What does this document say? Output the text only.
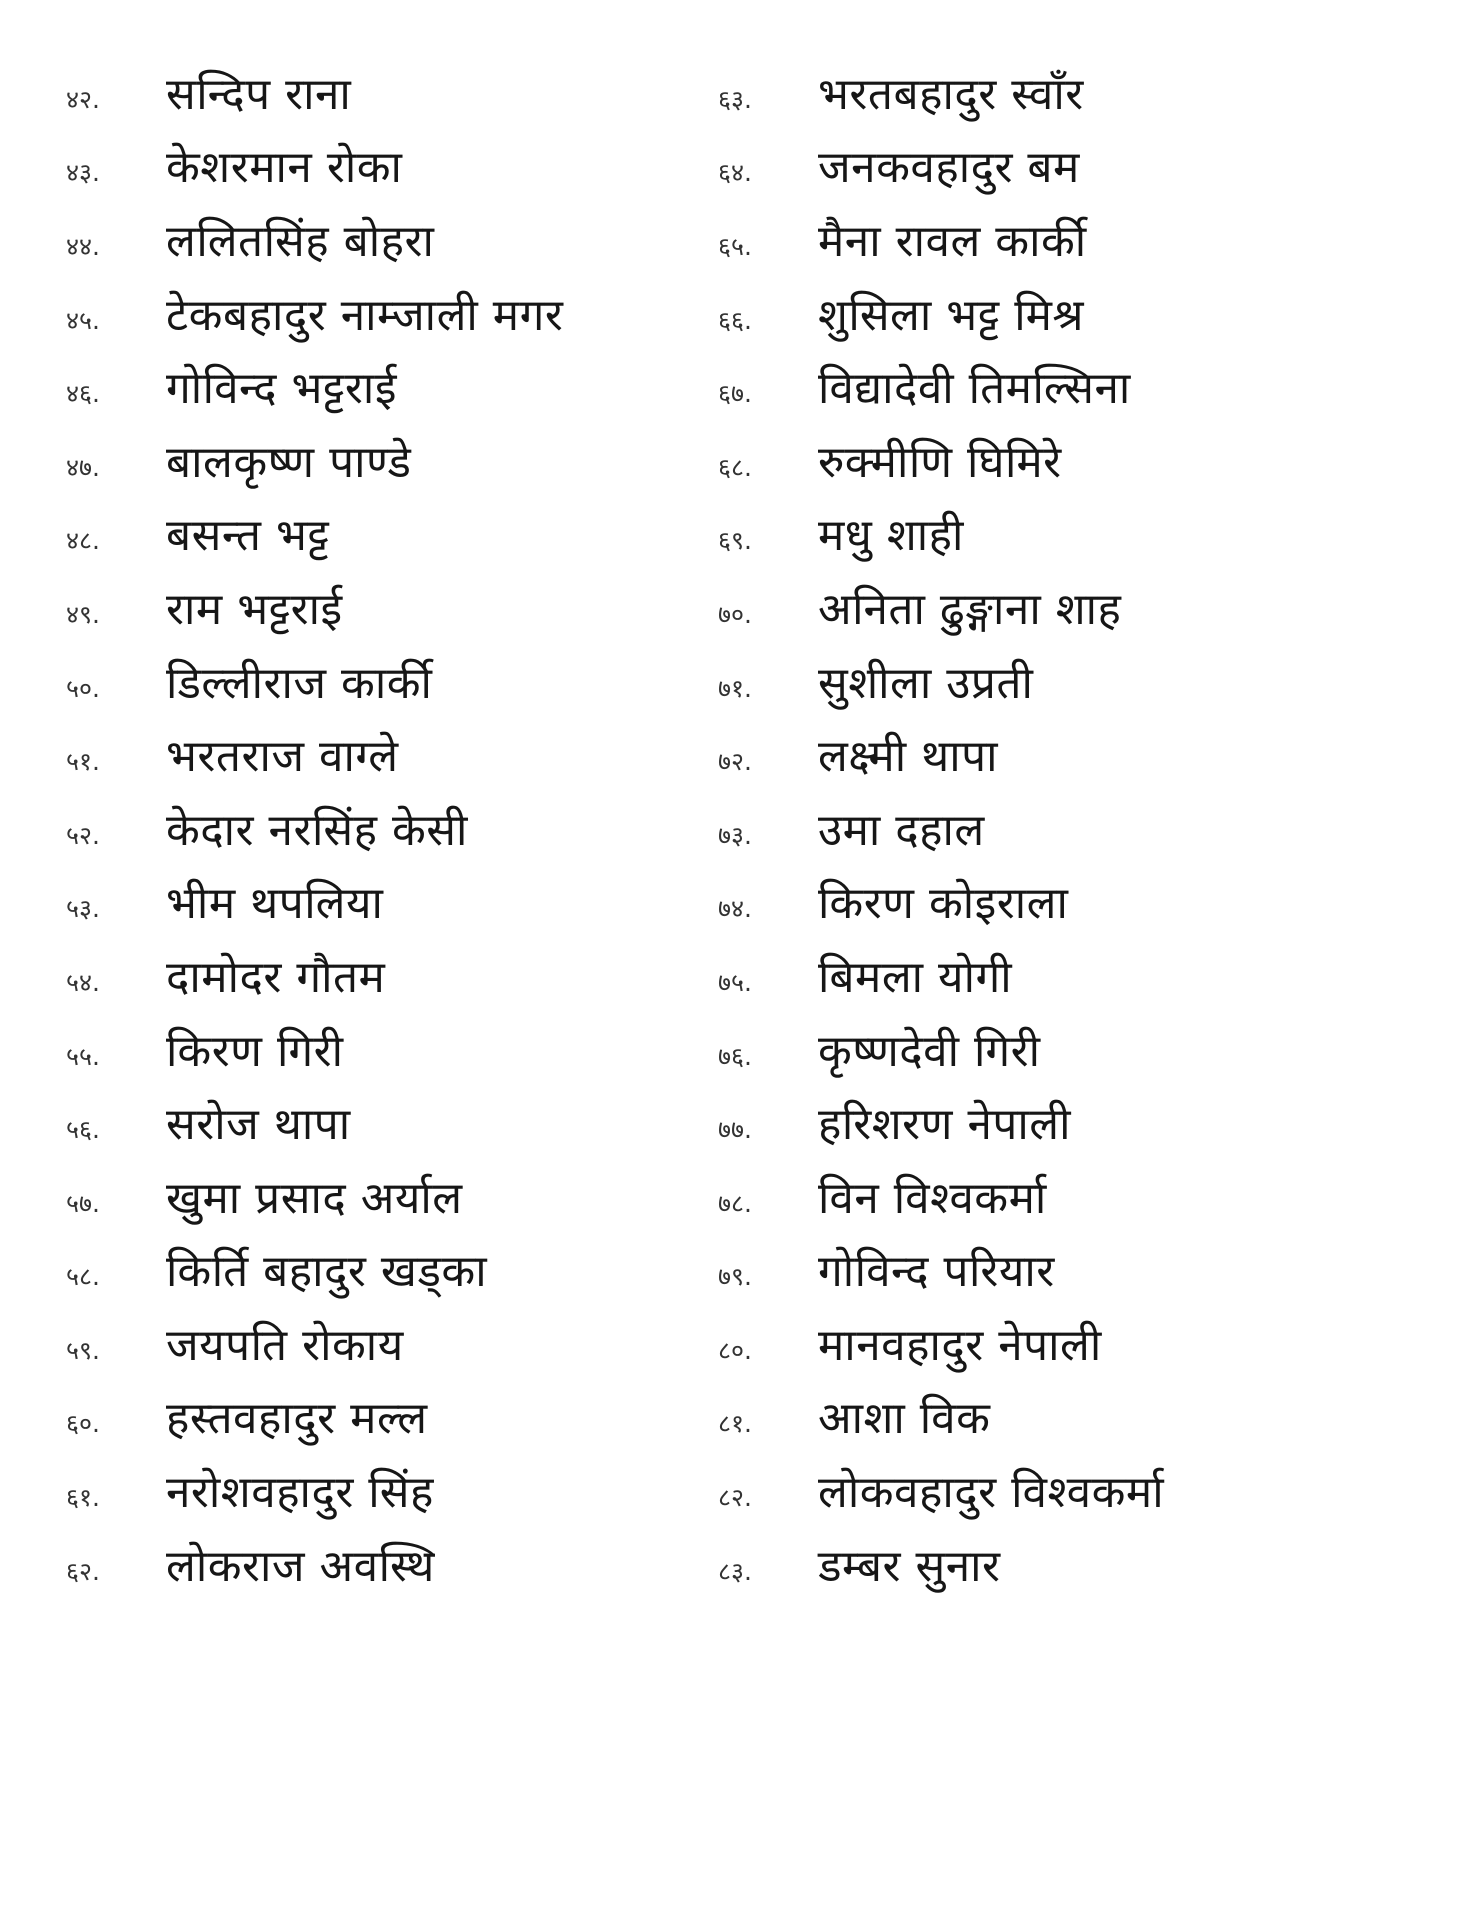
४२.	सन्दिप राना
४३.	केशरमान रोका
४४.	ललितसिंह बोहरा
४५.	टेकबहादुर नाम्जाली मगर
४६.	गोविन्द भट्टराई
४७.	बालकृष्ण पाण्डे
४८.	बसन्त भट्ट
४९.	राम भट्टराई
५०.	डिल्लीराज कार्की
५१.	भरतराज वाग्ले
५२.	केदार नरसिंह केसी
५३.	भीम थपलिया
५४.	दामोदर गौतम
५५.	किरण गिरी
५६.	सरोज थापा
५७.	खुमा प्रसाद अर्याल
५८.	किर्ति बहादुर खड्का
५९.	जयपति रोकाय
६०.	हस्तवहादुर मल्ल
६१.	नरोशवहादुर सिंह
६२.	लोकराज अवस्थि
६३.	भरतबहादुर स्वाँर
६४.	जनकवहादुर बम
६५.	मैना रावल कार्की
६६.	शुसिला भट्ट मिश्र
६७.	विद्यादेवी तिमल्सिना
६८.	रुक्मीणि घिमिरे
६९.	मधु शाही
७०.	अनिता ढुङ्गाना शाह
७१.	सुशीला उप्रती
७२.	लक्ष्मी थापा
७३.	उमा दहाल
७४.	किरण कोइराला
७५.	बिमला योगी
७६.	कृष्णदेवी गिरी
७७.	हरिशरण नेपाली
७८.	विन विश्वकर्मा
७९.	गोविन्द परियार
८०.	मानवहादुर नेपाली
८१.	आशा विक
८२.	लोकवहादुर विश्वकर्मा
८३.	डम्बर सुनार
